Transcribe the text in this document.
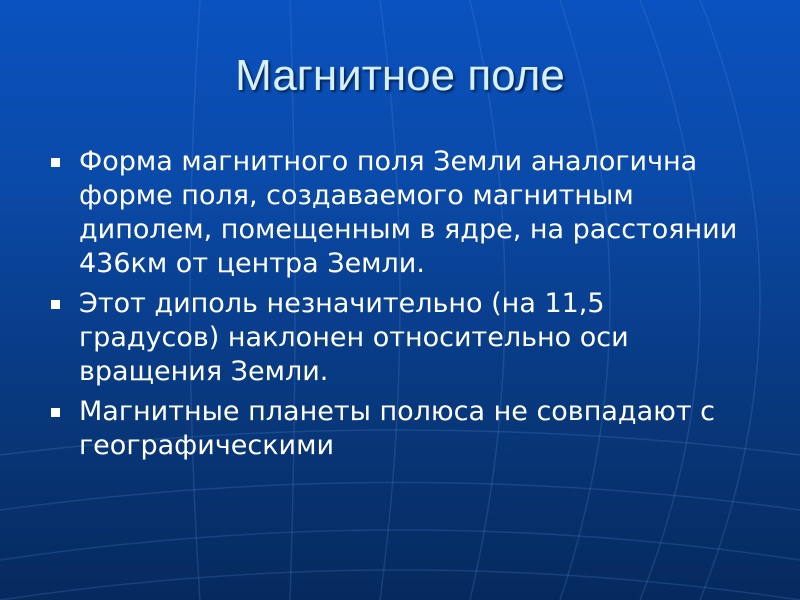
Магнитное поле
Форма магнитного поля Земли аналогична форме поля, создаваемого магнитным диполем, помещенным в ядре, на расстоянии 436км от центра Земли.
Этот диполь незначительно (на 11,5 градусов) наклонен относительно оси вращения Земли.
Магнитные планеты полюса не совпадают с географическими
